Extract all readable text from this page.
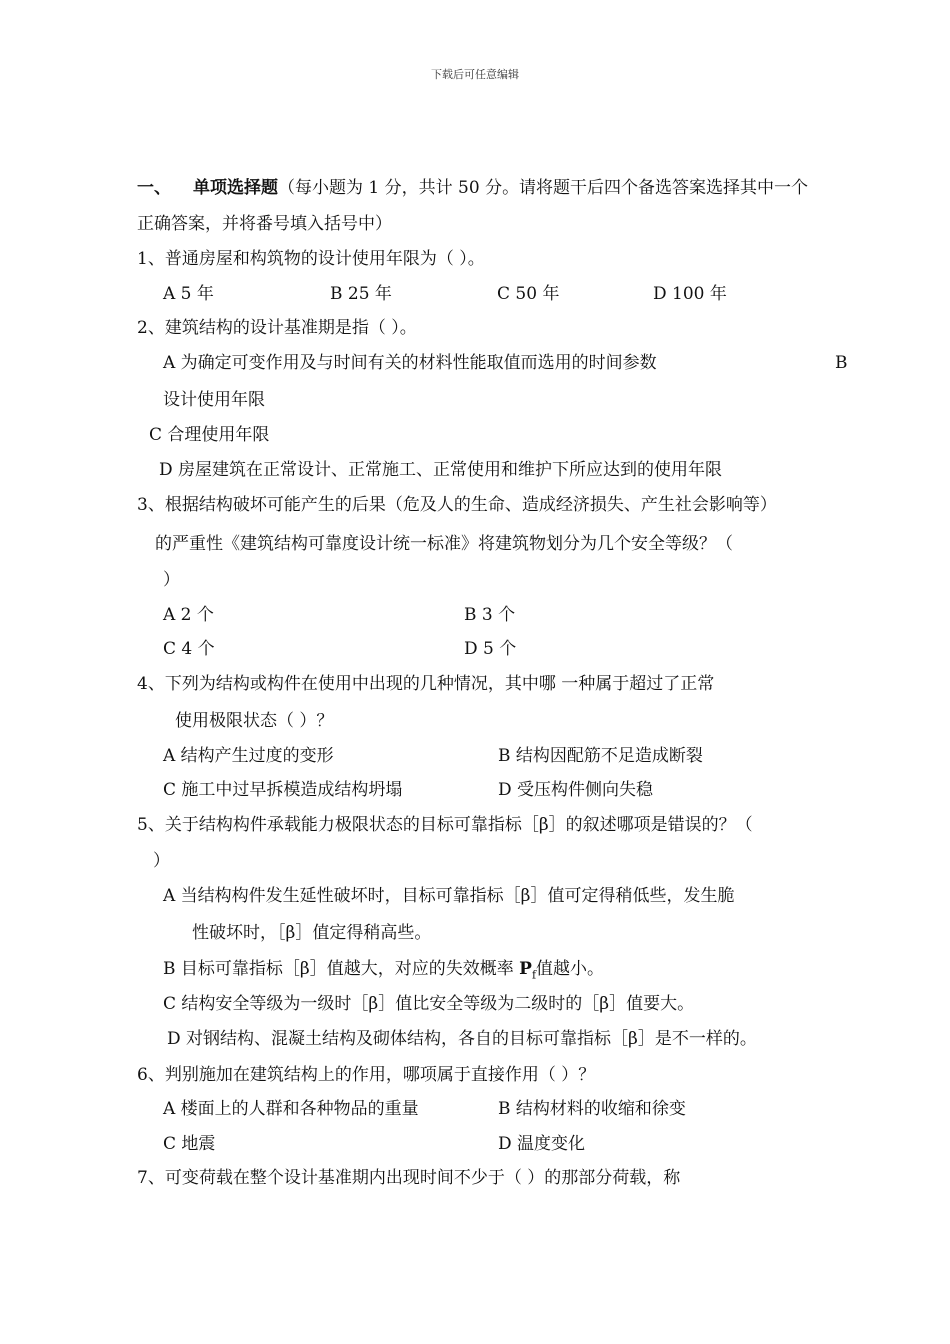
下载后可任意编辑
一、 单项选择题（每小题为 1 分，共计 50 分。请将题干后四个备选答案选择其中一个
正确答案，并将番号填入括号中）
1、普通房屋和构筑物的设计使用年限为（ ）。
A 5 年	B 25 年	C 50 年	D 100 年
2、建筑结构的设计基准期是指（ ）。
A 为确定可变作用及与时间有关的材料性能取值而选用的时间参数	B
设计使用年限
C 合理使用年限
D 房屋建筑在正常设计、正常施工、正常使用和维护下所应达到的使用年限
3、根据结构破坏可能产生的后果（危及人的生命、造成经济损失、产生社会影响等）
的严重性《建筑结构可靠度设计统一标准》将建筑物划分为几个安全等级？（
）
A 2 个	B 3 个
C 4 个	D 5 个
4、下列为结构或构件在使用中出现的几种情况，其中哪 一种属于超过了正常
使用极限状态（ ）？
A 结构产生过度的变形	B 结构因配筋不足造成断裂
C 施工中过早拆模造成结构坍塌	D 受压构件侧向失稳
5、关于结构构件承载能力极限状态的目标可靠指标［β］的叙述哪项是错误的？（
）
A 当结构构件发生延性破坏时，目标可靠指标［β］值可定得稍低些，发生脆
性破坏时，［β］值定得稍高些。
B 目标可靠指标［β］值越大，对应的失效概率 $P_f$值越小。
C 结构安全等级为一级时［β］值比安全等级为二级时的［β］值要大。
D 对钢结构、混凝土结构及砌体结构，各自的目标可靠指标［β］是不一样的。
6、判别施加在建筑结构上的作用，哪项属于直接作用（ ）？
A 楼面上的人群和各种物品的重量	B 结构材料的收缩和徐变
C 地震	D 温度变化
7、可变荷载在整个设计基准期内出现时间不少于（ ）的那部分荷载，称
